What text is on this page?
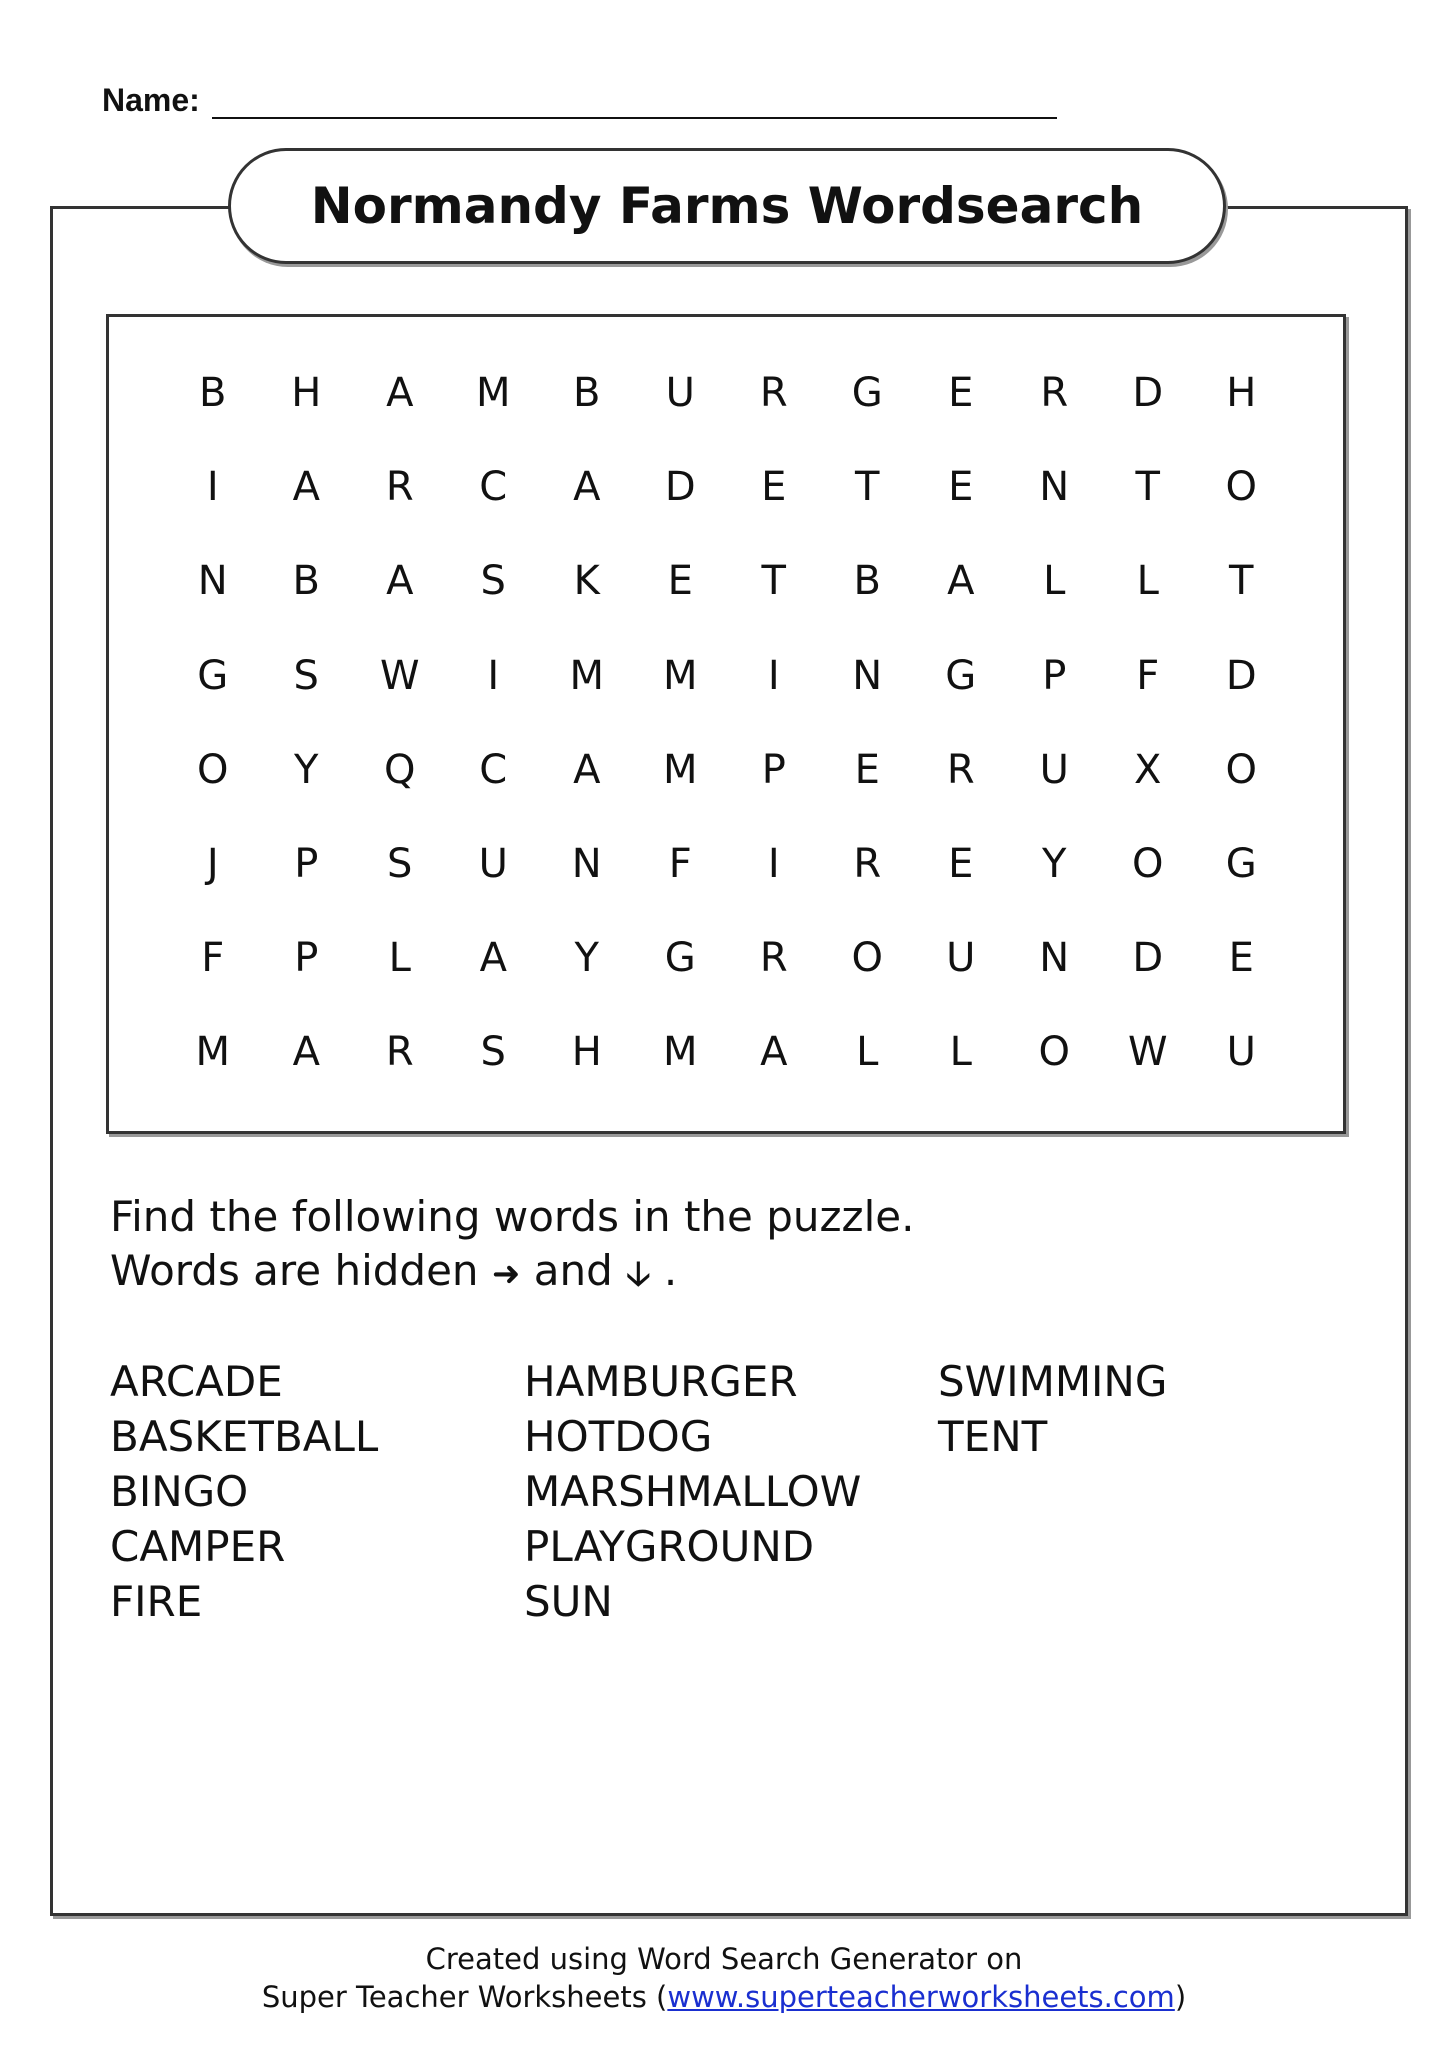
Name:
Normandy Farms Wordsearch
B	H	A	M	B	U	R	G	E	R	D	H
I	A	R	C	A	D	E	T	E	N	T	O
N	B	A	S	K	E	T	B	A	L	L	T
G	S	W	I	M	M	I	N	G	P	F	D
O	Y	Q	C	A	M	P	E	R	U	X	O
J	P	S	U	N	F	I	R	E	Y	O	G
F	P	L	A	Y	G	R	O	U	N	D	E
M	A	R	S	H	M	A	L	L	O	W	U
Find the following words in the puzzle.
Words are hidden ➜ and 🡣 .
ARCADE
BASKETBALL
BINGO
CAMPER
FIRE
HAMBURGER
HOTDOG
MARSHMALLOW
PLAYGROUND
SUN
SWIMMING
TENT
Created using Word Search Generator on
Super Teacher Worksheets (www.superteacherworksheets.com)
